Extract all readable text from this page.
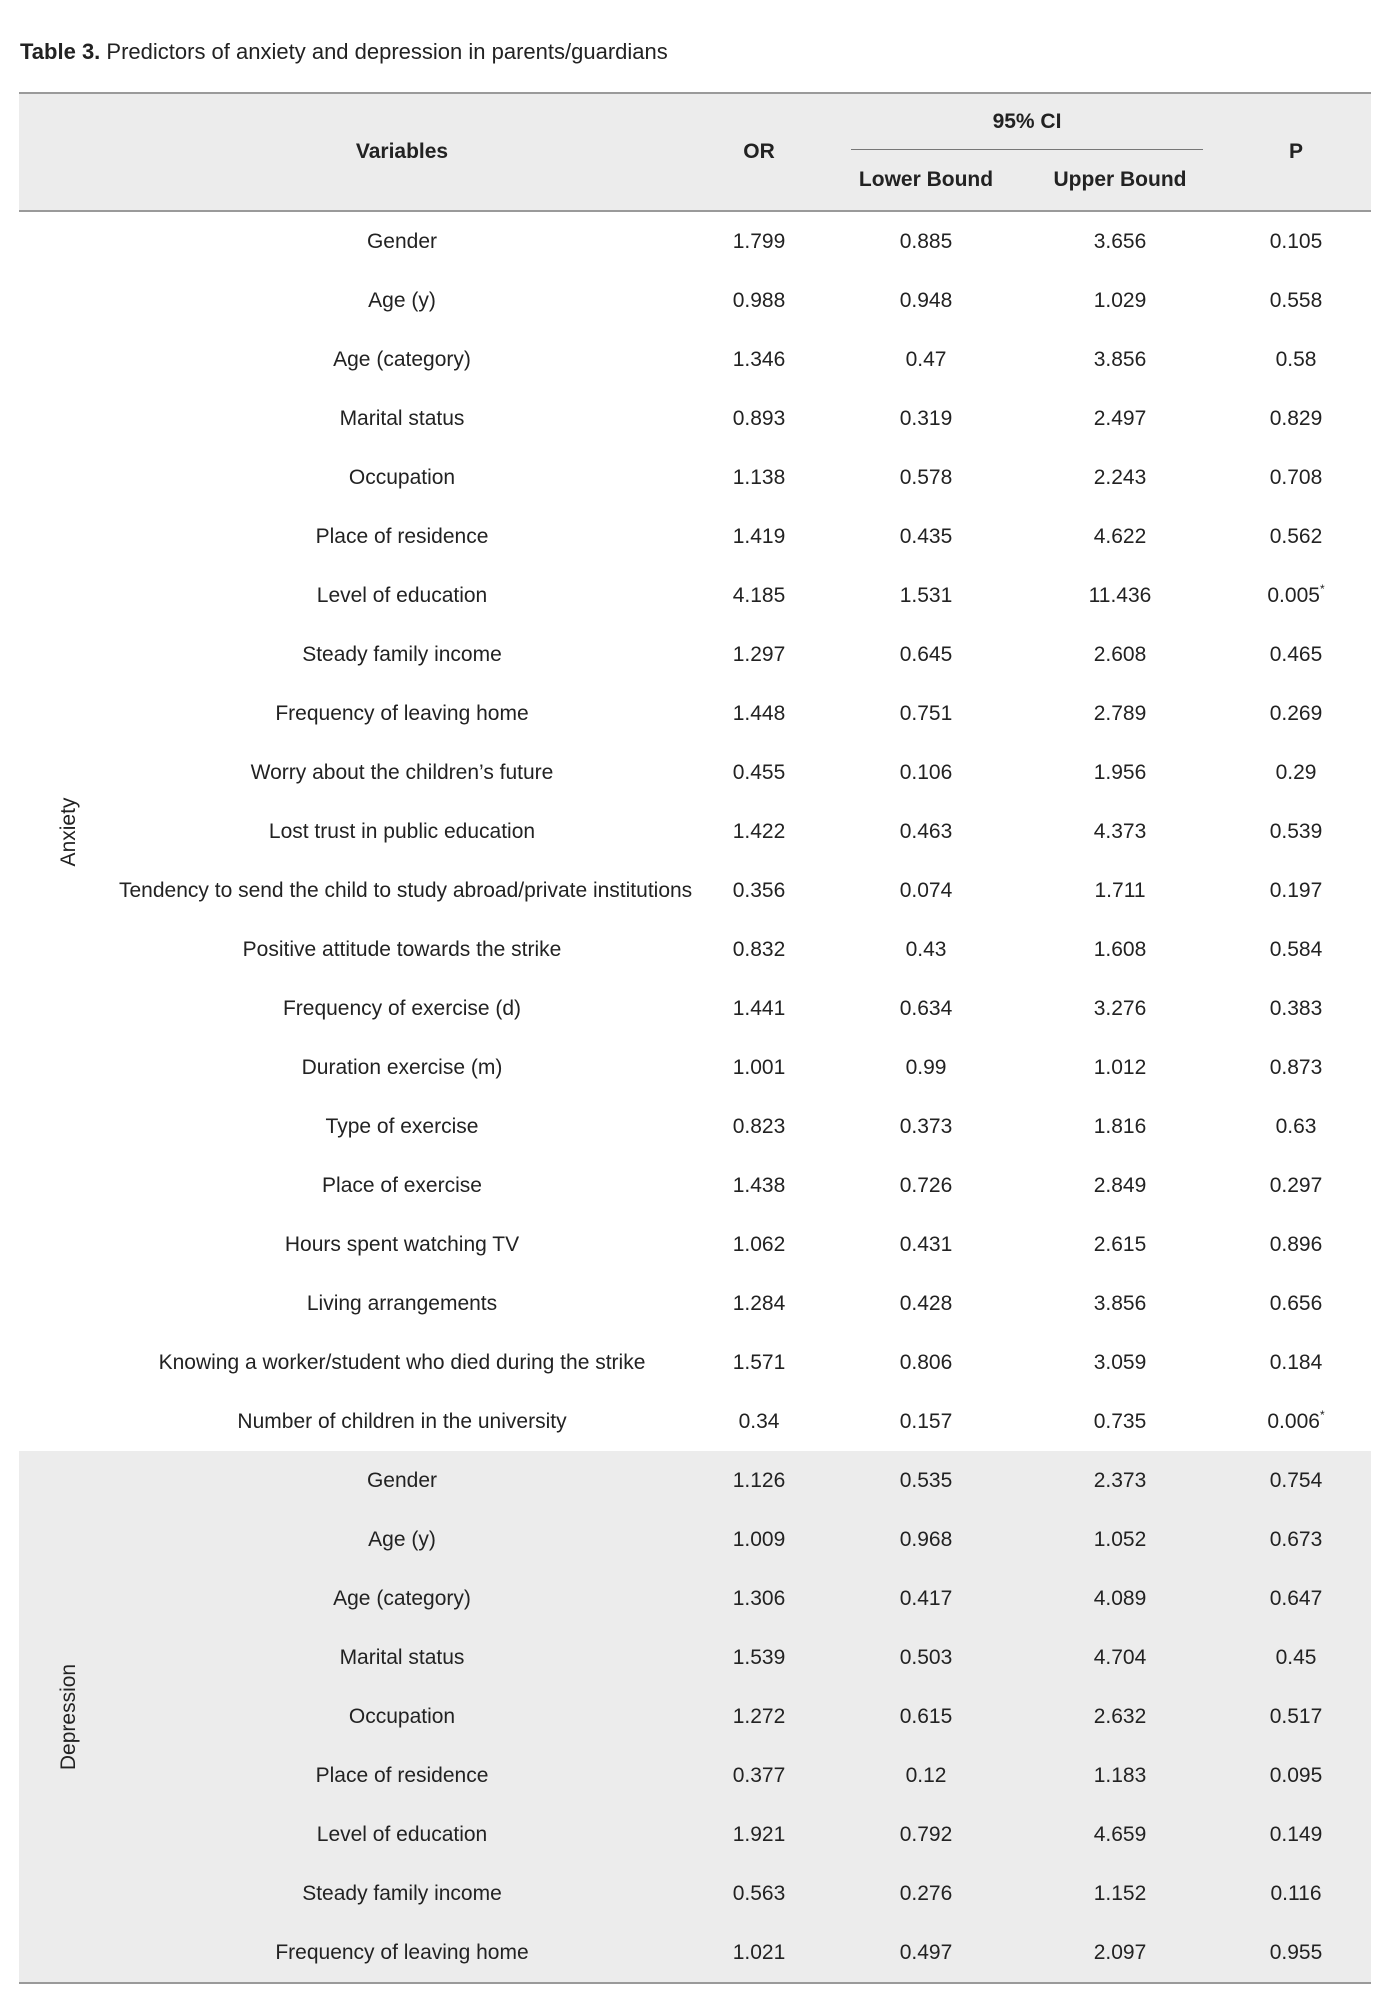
Table 3. Predictors of anxiety and depression in parents/guardians
	Variables	OR	95% CI		P
			Lower Bound	Upper Bound	

Anxiety	Gender	1.799	0.885	3.656	0.105
	Age (y)	0.988	0.948	1.029	0.558
	Age (category)	1.346	0.47	3.856	0.58
	Marital status	0.893	0.319	2.497	0.829
	Occupation	1.138	0.578	2.243	0.708
	Place of residence	1.419	0.435	4.622	0.562
	Level of education	4.185	1.531	11.436	0.005*
	Steady family income	1.297	0.645	2.608	0.465
	Frequency of leaving home	1.448	0.751	2.789	0.269
	Worry about the children’s future	0.455	0.106	1.956	0.29
	Lost trust in public education	1.422	0.463	4.373	0.539
	Tendency to send the child to study abroad/private institutions	0.356	0.074	1.711	0.197
	Positive attitude towards the strike	0.832	0.43	1.608	0.584
	Frequency of exercise (d)	1.441	0.634	3.276	0.383
	Duration exercise (m)	1.001	0.99	1.012	0.873
	Type of exercise	0.823	0.373	1.816	0.63
	Place of exercise	1.438	0.726	2.849	0.297
	Hours spent watching TV	1.062	0.431	2.615	0.896
	Living arrangements	1.284	0.428	3.856	0.656
	Knowing a worker/student who died during the strike	1.571	0.806	3.059	0.184
	Number of children in the university	0.34	0.157	0.735	0.006*

Depression	Gender	1.126	0.535	2.373	0.754
	Age (y)	1.009	0.968	1.052	0.673
	Age (category)	1.306	0.417	4.089	0.647
	Marital status	1.539	0.503	4.704	0.45
	Occupation	1.272	0.615	2.632	0.517
	Place of residence	0.377	0.12	1.183	0.095
	Level of education	1.921	0.792	4.659	0.149
	Steady family income	0.563	0.276	1.152	0.116
	Frequency of leaving home	1.021	0.497	2.097	0.955
